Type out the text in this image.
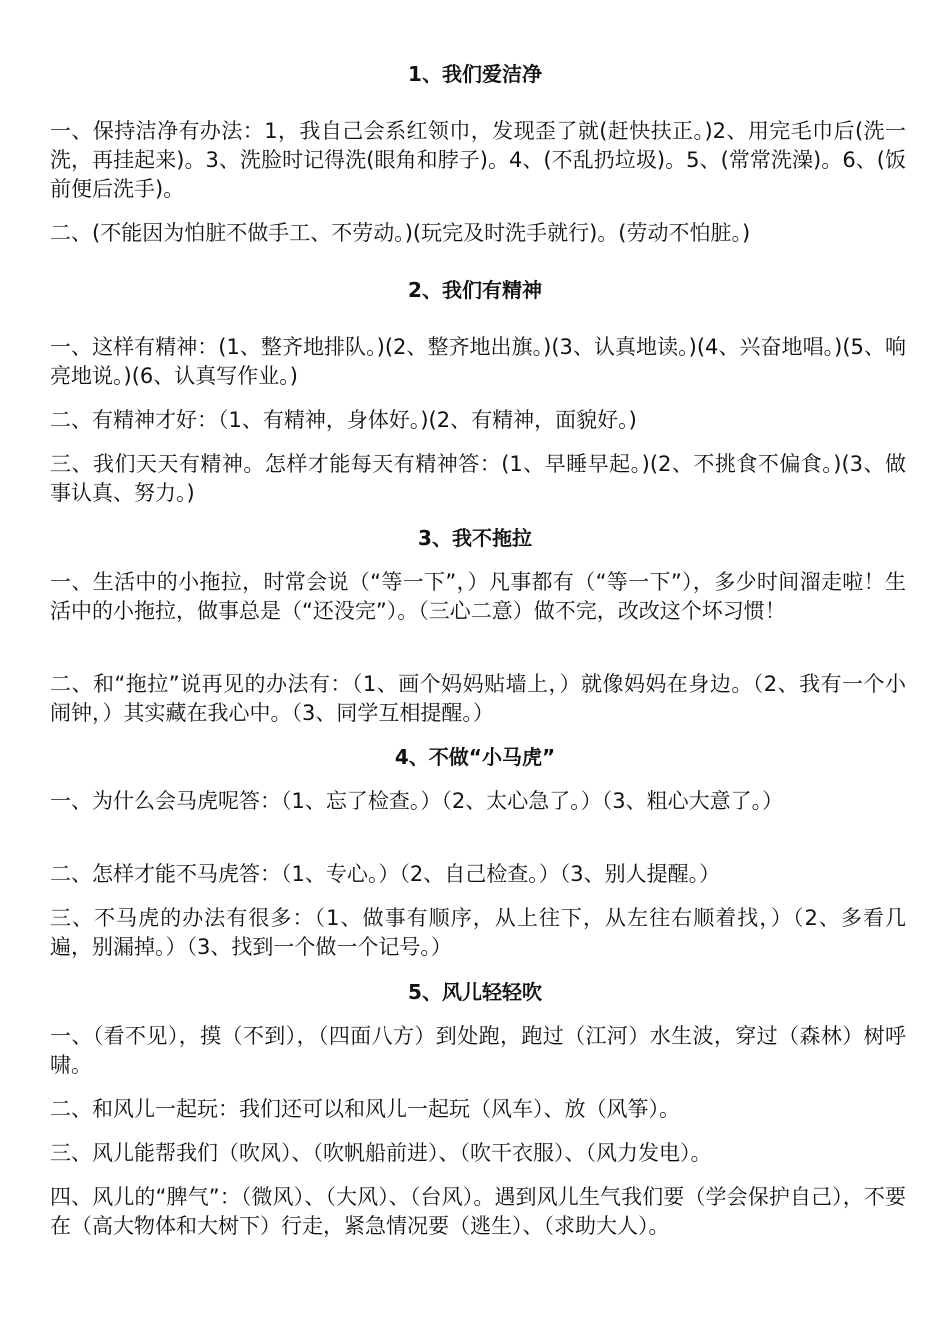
1、我们爱洁净

一、保持洁净有办法：1，我自己会系红领巾，发现歪了就(赶快扶正。)2、用完毛巾后(洗一洗，再挂起来)。3、洗脸时记得洗(眼角和脖子)。4、(不乱扔垃圾)。5、(常常洗澡)。6、(饭前便后洗手)。

二、(不能因为怕脏不做手工、不劳动。)(玩完及时洗手就行)。(劳动不怕脏。)

2、我们有精神

一、这样有精神：(1、整齐地排队。)(2、整齐地出旗。)(3、认真地读。)(4、兴奋地唱。)(5、响亮地说。)(6、认真写作业。)

二、有精神才好：（1、有精神，身体好。)(2、有精神，面貌好。)

三、我们天天有精神。怎样才能每天有精神答：(1、早睡早起。)(2、不挑食不偏食。)(3、做事认真、努力。)

3、我不拖拉

一、生活中的小拖拉，时常会说（“等一下”，）凡事都有（“等一下”），多少时间溜走啦！生活中的小拖拉，做事总是（“还没完”）。（三心二意）做不完，改改这个坏习惯！

二、和“拖拉”说再见的办法有：（1、画个妈妈贴墙上，）就像妈妈在身边。（2、我有一个小闹钟，）其实藏在我心中。（3、同学互相提醒。）

4、不做“小马虎”

一、为什么会马虎呢答：（1、忘了检查。）（2、太心急了。）（3、粗心大意了。）

二、怎样才能不马虎答：（1、专心。）（2、自己检查。）（3、别人提醒。）

三、不马虎的办法有很多：（1、做事有顺序，从上往下，从左往右顺着找，）（2、多看几遍，别漏掉。）（3、找到一个做一个记号。）

5、风儿轻轻吹

一、（看不见），摸（不到），（四面八方）到处跑，跑过（江河）水生波，穿过（森林）树呼啸。

二、和风儿一起玩：我们还可以和风儿一起玩（风车）、放（风筝）。

三、风儿能帮我们（吹风）、（吹帆船前进）、（吹干衣服）、（风力发电）。

四、风儿的“脾气”：（微风）、（大风）、（台风）。遇到风儿生气我们要（学会保护自己），不要在（高大物体和大树下）行走，紧急情况要（逃生）、（求助大人）。
